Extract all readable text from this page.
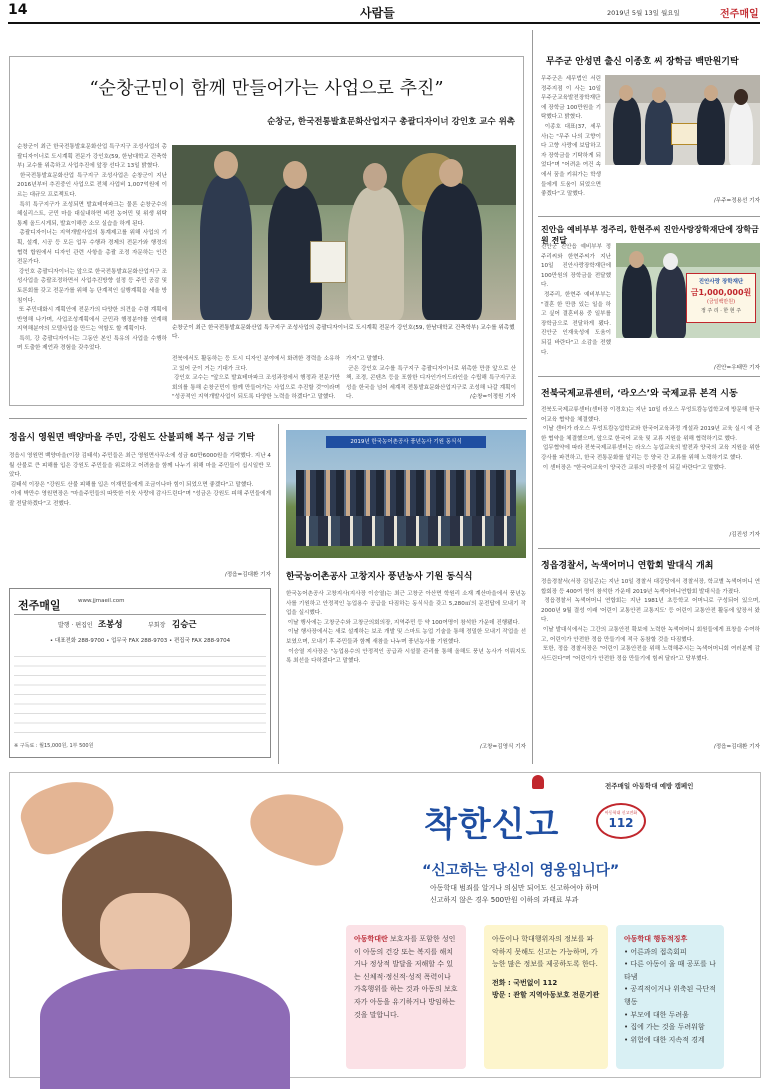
14	사람들	2019년 5월 13일 월요일	전주매일
“순창군민이 함께 만들어가는 사업으로 추진”
순창군, 한국전통발효문화산업지구 총괄디자이너 강인호 교수 위촉
순창군이 최근 한국전통발효문화산업 특구지구 조성사업의 총괄디자이너로 도시계획 전문가 강인호(59, 한남대학교 건축학부) 교수를 위촉하고 사업추진에 앞장 선다고 13일 밝혔다.
한국전통발효문화산업 특구지구 조성사업은 순창군이 지난 2016년부터 추진중인 사업으로 전체 사업비 1,007억원에 이르는 대규모 프로젝트다.
특히 특구지구가 조성되면 발효테마파크는 물론 순창군수의 헤실리스트, 군민 마을 대실내하면 벼전 농어민 및 위생 위탁 통제 올드시게되, 발효이해증 소모 실습을 하게 된다.
총괄디자이너는 지역개발사업의 통계제고를 위해 사업의 기획, 설계, 시공 등 모든 업무 수행과 경제의 전문가와 행정의 협력 합원에서 디자인 관련 사항을 총괄 조정 자문하는 인간 전문가다.
강인호 총괄디자이너는 앞으로 한국전통발효문화산업지구 조성사업을 총괄조정하면서 사업추진방향 설정 등 주민 공감 및 토론회를 갖고 전문가를 위해 농 단계적인 실행계획을 세울 방침이다.
또 주민대화시 계획안에 전문가의 다양한 의견을 수렴 계획에 반영해 나가며, 사업조성계획에서 군민과 행정분야를 연계해 지역해분야의 모델사업을 만드는 역할도 할 계획이다.
특히, 강 총괄디자이너는 그동안 본인 특유의 사업을 수행하며 도출한 제언과 경험을 갖추었다.
순창군이 최근 한국전통발효문화산업 특구지구 조성사업의 총괄디자이너로 도시계획 전문가 강인호(59, 한남대학교 건축학부) 교수를 위촉했다.
전북에서도 활동하는 등 도시 디자인 분야에서 화려한 경력을 소유하고 있어 군이 거는 기대가 크다.
강인호 교수는 "앞으로 발효테마파크 조성과정에서 행정과 전문가만 회의를 통해 순창군민이 함께 만들어가는 사업으로 추진할 것"이라며 "성공적인 지역개발사업이 되도록 다양한 노력을 하겠다"고 말했다.
가지"고 말했다.
군은 강인호 교수를 특구지구 총괄디자이너로 위촉한 만큼 앞으로 산책, 조경, 콘텐츠 등을 포함한 디자인가이드라인을 수립해 특구지구조성을 한국을 넘어 세계적 전통발효문화산업지구로 조성해 나갈 계획이다.	/순창=이정원 기자
무주군 안성면 출신 이종호 씨 장학금 백만원기탁
무주군은 세무법인 서린 정주지점 이 사는 10일 무주군교육발전장학재단에 장학금 100만원을 기탁했다고 밝혔다.
이종호 대표(37, 세무사)는 "무주 나의 고향이다 고향 사랑에 보답하고자 장학금을 기탁하게 되었다"며 "어려운 여건 속에서 꿈을 키워가는 학생들에게 도움이 되었으면 좋겠다"고 말했다.
/무주=정용선 기자
진안읍 예비부부 정주리, 한현주씨 진안사랑장학재단에 장학금원 전달
진안군 진안읍 예비부부 정주리씨와 한현주씨가 지난 10일 진안사랑장학재단에 100만원의 장학금을 전달했다.
정주리, 한현주 예비부부는 "결혼 한 만큼 있는 일을 하고 싶어 결혼비용 중 일부를 장학금으로 전달하게 됐다. 진안군 인재육성에 도움이 되길 바란다"고 소감을 전했다.
진안사랑 장학재단
금1,000,000원
(금일백만원)
정 주 리 · 한 현 주
/진안=우태만 기자
전북국제교류센터, ‘라오스’와 국제교류 본격 시동
전북도국제교류센터(센터장 이경호)는 지난 10일 라오스 무엉트캄농업학교에 방문해 한국어교육 협약을 체결했다.
이날 센터가 라오스 무엉트캄농업학교와 한국어교육과정 개설과 2019년 교육 실시 에 관한 협약을 체결했으며, 앞으로 한국어 교육 및 교류 지원을 위해 협력하기로 했다.
업무협약에 따라 전북국제교류센터는 라오스 농업교육의 발전과 양국의 교육 지원을 위한 강사를 파견하고, 한국 전통문화를 알리는 등 양국 간 교류를 위해 노력하기로 했다.
이 센터장은 "한국어교육이 양국간 교류의 마중물이 되길 바란다"고 말했다.
/김진성 기자
정읍경찰서, 녹색어머니 연합회 발대식 개최
정읍경찰서(서장 김일곤)는 지난 10일 경찰서 대강당에서 경찰서장, 학교별 녹색어머니 연합회장 등 400여 명이 참석한 가운데 2019년 녹색어머니연합회 발대식을 가졌다.
정읍경찰서 녹색어머니 연합회는 지난 1981년 초등학교 어머니로 구성되어 있으며, 2000년 9월 결성 이래 '어린이 교통안전 교통지도' 등 어린이 교통안전 활동에 앞장서 왔다.
이날 발대식에서는 그간의 교통안전 확보에 노력한 녹색어머니 회원들에게 표창을 수여하고, 어린이가 안전한 정읍 만들기에 적극 동참할 것을 다짐했다.
또한, 정읍 경찰서장은 "어린이 교통안전을 위해 노력해주시는 녹색어머니회 여러분께 감사드린다"며 "어린이가 안전한 정읍 만들기에 힘써 달라"고 당부했다.
/정읍=김대환 기자
정읍시 영원면 백양마을 주민, 강원도 산불피해 복구 성금 기탁
정읍시 영원면 백양마을(이장 김태석) 주민들은 최근 영원면사무소에 성금 60만6000원을 기탁했다. 지난 4월 산불로 큰 피해를 입은 강원도 주민들을 위로하고 어려움을 함께 나누기 위해 마을 주민들이 십시일반 모았다.
김태석 이장은 "강원도 산불 피해를 입은 이재민들에게 조금이나마 힘이 되었으면 좋겠다"고 말했다.
이에 박만수 영원면장은 "마을주민들의 따뜻한 이웃 사랑에 감사드린다"며 "성금은 강원도 피해 주민들에게 잘 전달하겠다"고 전했다.
/정읍=김대환 기자
전주매일	www.jjmaeil.com
발행 · 편집인 조봉성	부회장 김승근
• 대표전화 288-9700 • 업무국 FAX 288-9703 • 편집국 FAX 288-9704
※ 구독료 : 월15,000원, 1부 500원
2019년 한국농어촌공사 풍년농사 기원 동식식
한국농어촌공사 고창지사 풍년농사 기원 동식식
한국농어촌공사 고창지사(지사장 이승열)는 최근 고창군 아산면 학원리 소재 계산마을에서 풍년농사를 기원하고 안정적인 농업용수 공급을 다짐하는 동식식을 갖고 5,280㎡의 문전답에 모내기 작업을 실시했다.
이날 행사에는 고창군수와 고창군의회의장, 지역주민 등 약 100여명이 참석한 가운데 진행됐다.
이날 행사장에서는 새로 설계하는 보조 개발 및 스마트 농업 기술을 통해 정밀한 모내기 작업을 선보였으며, 모내기 후 주민들과 함께 새참을 나누며 풍년농사를 기원했다.
이승열 지사장은 "농업용수의 안정적인 공급과 시설물 관리를 통해 올해도 풍년 농사가 이뤄지도록 최선을 다하겠다"고 말했다.
/고창=김영식 기자
전주매일 아동학대 예방 캠페인
착한신고	아동학대 신고전화
112
“신고하는 당신이 영웅입니다”
아동학대 범죄를 알거나 의심만 되어도 신고하여야 하며
신고하지 않은 경우 500만원 이하의 과태료 부과
아동학대란 보호자를 포함한 성인이 아동의 건강 또는 복지를 해치거나 정상적 발달을 저해할 수 있는 신체적·정신적·성적 폭력이나 가혹행위를 하는 것과 아동의 보호자가 아동을 유기하거나 방임하는 것을 말합니다.
아동이나 학대행위자의 정보를 파악하지 못해도 신고는 가능하며, 가능한 많은 정보를 제공하도록 한다.
전화 : 국번없이 112
방문 : 관할 지역아동보호 전문기관
아동학대 행동적징후
• 어른과의 접촉회피
• 다른 아동이 울 때 공포를 나타냄
• 공격적이거나 위축된 극단적 행동
• 부모에 대한 두려움
• 집에 가는 것을 두려워함
• 위험에 대한 지속적 경계
